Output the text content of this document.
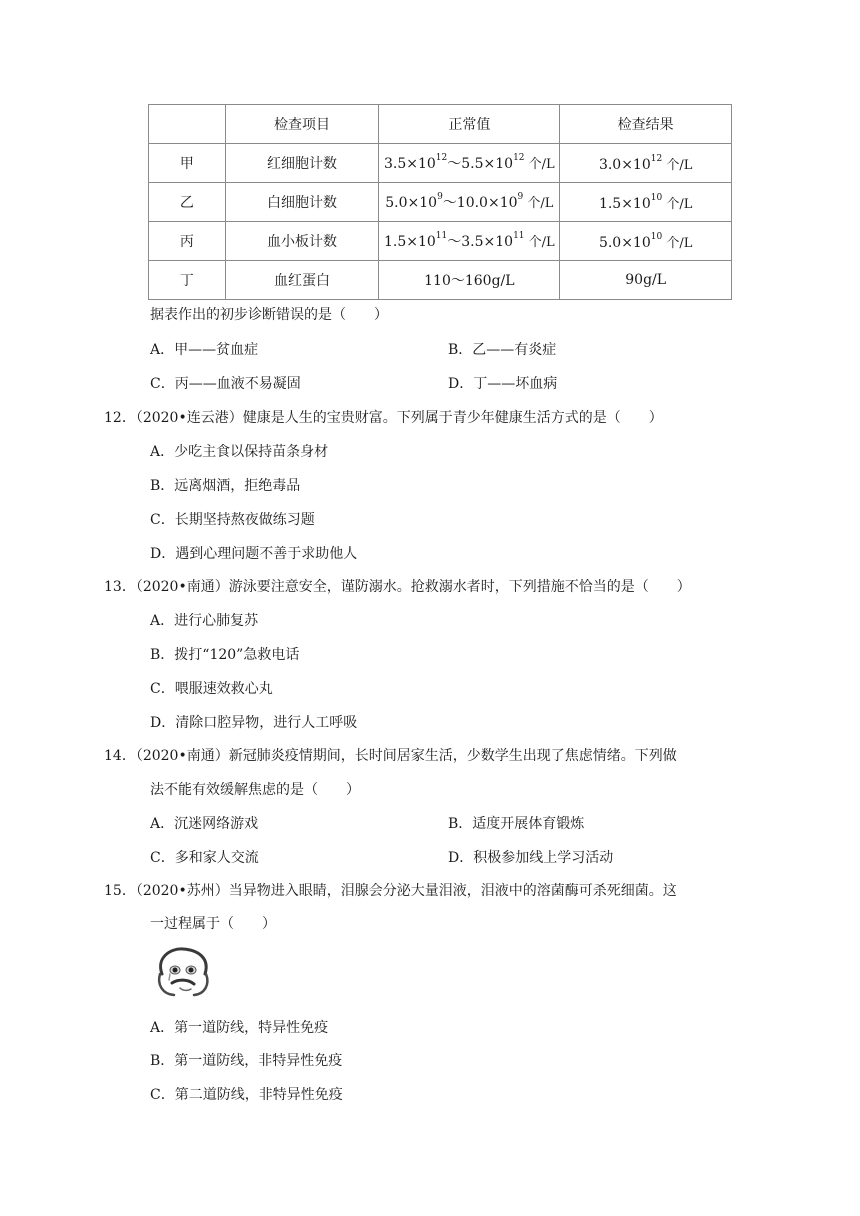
	检查项目	正常值	检查结果
甲	红细胞计数	$3.5\times 10^{12}\sim 5.5\times 10^{12}$ 个/L	$3.0\times 10^{12}$ 个/L
乙	白细胞计数	$5.0\times 10^9\sim 10.0\times 10^9$ 个/L	$1.5\times 10^{10}$ 个/L
丙	血小板计数	$1.5\times 10^{11}\sim 3.5\times 10^{11}$ 个/L	$5.0\times 10^{10}$ 个/L
丁	血红蛋白	110～160g/L	90g/L
据表作出的初步诊断错误的是（　　）
A．甲——贫血症	B．乙——有炎症
C．丙——血液不易凝固	D．丁——坏血病
12．（2020•连云港）健康是人生的宝贵财富。下列属于青少年健康生活方式的是（　　）
A．少吃主食以保持苗条身材
B．远离烟酒，拒绝毒品
C．长期坚持熬夜做练习题
D．遇到心理问题不善于求助他人
13．（2020•南通）游泳要注意安全，谨防溺水。抢救溺水者时，下列措施不恰当的是（　　）
A．进行心肺复苏
B．拨打“120”急救电话
C．喂服速效救心丸
D．清除口腔异物，进行人工呼吸
14．（2020•南通）新冠肺炎疫情期间，长时间居家生活，少数学生出现了焦虑情绪。下列做
法不能有效缓解焦虑的是（　　）
A．沉迷网络游戏	B．适度开展体育锻炼
C．多和家人交流	D．积极参加线上学习活动
15．（2020•苏州）当异物进入眼睛，泪腺会分泌大量泪液，泪液中的溶菌酶可杀死细菌。这
一过程属于（　　）
A．第一道防线，特异性免疫
B．第一道防线，非特异性免疫
C．第二道防线，非特异性免疫
